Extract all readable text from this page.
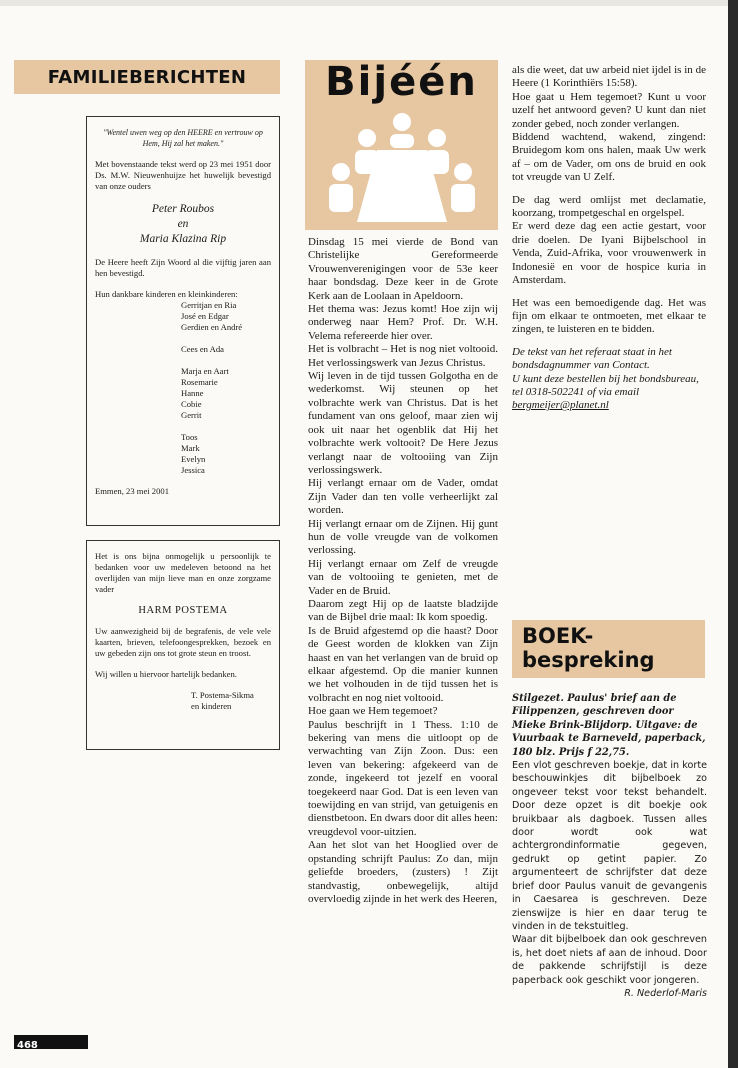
FAMILIEBERICHTEN
"Wentel uwen weg op den HEERE en vertrouw op Hem, Hij zal het maken."
Met bovenstaande tekst werd op 23 mei 1951 door Ds. M.W. Nieuwenhuijze het huwelijk bevestigd van onze ouders
Peter Roubos
en
Maria Klazina Rip
De Heere heeft Zijn Woord al die vijftig jaren aan hen bevestigd.
Hun dankbare kinderen en kleinkinderen:
Gerritjan en Ria
José en Edgar
Gerdien en André
Cees en Ada
Marja en Aart
Rosemarie
Hanne
Cobie
Gerrit
Toos
Mark
Evelyn
Jessica
Emmen, 23 mei 2001
Het is ons bijna onmogelijk u persoonlijk te bedanken voor uw medeleven betoond na het overlijden van mijn lieve man en onze zorgzame vader
HARM POSTEMA
Uw aanwezigheid bij de begrafenis, de vele vele kaarten, brieven, telefoongesprekken, bezoek en uw gebeden zijn ons tot grote steun en troost.
Wij willen u hiervoor hartelijk bedanken.
T. Postema-Sikma
en kinderen
Bijéén
Dinsdag 15 mei vierde de Bond van Christelijke Gereformeerde Vrouwenverenigingen voor de 53e keer haar bondsdag. Deze keer in de Grote Kerk aan de Loolaan in Apeldoorn.
Het thema was: Jezus komt! Hoe zijn wij onderweg naar Hem? Prof. Dr. W.H. Velema refereerde hier over.
Het is volbracht – Het is nog niet voltooid. Het verlossingswerk van Jezus Christus.
Wij leven in de tijd tussen Golgotha en de wederkomst. Wij steunen op het volbrachte werk van Christus. Dat is het fundament van ons geloof, maar zien wij ook uit naar het ogenblik dat Hij het volbrachte werk voltooit? De Here Jezus verlangt naar de voltooiing van Zijn verlossingswerk.
Hij verlangt ernaar om de Vader, omdat Zijn Vader dan ten volle verheerlijkt zal worden.
Hij verlangt ernaar om de Zijnen. Hij gunt hun de volle vreugde van de volkomen verlossing.
Hij verlangt ernaar om Zelf de vreugde van de voltooiing te genieten, met de Vader en de Bruid.
Daarom zegt Hij op de laatste bladzijde van de Bijbel drie maal: Ik kom spoedig.
Is de Bruid afgestemd op die haast? Door de Geest worden de klokken van Zijn haast en van het verlangen van de bruid op elkaar afgestemd. Op die manier kunnen we het volhouden in de tijd tussen het is volbracht en nog niet voltooid.
Hoe gaan we Hem tegemoet?
Paulus beschrijft in 1 Thess. 1:10 de bekering van mens die uitloopt op de verwachting van Zijn Zoon. Dus: een leven van bekering: afgekeerd van de zonde, ingekeerd tot jezelf en vooral toegekeerd naar God. Dat is een leven van toewijding en van strijd, van getuigenis en dienstbetoon. En dwars door dit alles heen: vreugdevol voor-uitzien.
Aan het slot van het Hooglied over de opstanding schrijft Paulus: Zo dan, mijn geliefde broeders, (zusters) ! Zijt standvastig, onbewegelijk, altijd overvloedig zijnde in het werk des Heeren,
als die weet, dat uw arbeid niet ijdel is in de Heere (1 Korinthiërs 15:58).
Hoe gaat u Hem tegemoet? Kunt u voor uzelf het antwoord geven? U kunt dan niet zonder gebed, noch zonder verlangen.
Biddend wachtend, wakend, zingend: Bruidegom kom ons halen, maak Uw werk af – om de Vader, om ons de bruid en ook tot vreugde van U Zelf.
De dag werd omlijst met declamatie, koorzang, trompetgeschal en orgelspel.
Er werd deze dag een actie gestart, voor drie doelen. De Iyani Bijbelschool in Venda, Zuid-Afrika, voor vrouwenwerk in Indonesië en voor de hospice kuria in Amsterdam.
Het was een bemoedigende dag. Het was fijn om elkaar te ontmoeten, met elkaar te zingen, te luisteren en te bidden.
De tekst van het referaat staat in het bondsdagnummer van Contact.
U kunt deze bestellen bij het bondsbureau, tel 0318-502241 of via email
bergmeijer@planet.nl
BOEK-
bespreking
Stilgezet. Paulus' brief aan de Filippenzen, geschreven door Mieke Brink-Blijdorp. Uitgave: de Vuurbaak te Barneveld, paperback, 180 blz. Prijs f 22,75.
Een vlot geschreven boekje, dat in korte beschouwinkjes dit bijbelboek zo ongeveer tekst voor tekst behandelt. Door deze opzet is dit boekje ook bruikbaar als dagboek. Tussen alles door wordt ook wat achtergrondinformatie gegeven, gedrukt op getint papier. Zo argumenteert de schrijfster dat deze brief door Paulus vanuit de gevangenis in Caesarea is geschreven. Deze zienswijze is hier en daar terug te vinden in de tekstuitleg.
Waar dit bijbelboek dan ook geschreven is, het doet niets af aan de inhoud. Door de pakkende schrijfstijl is deze paperback ook geschikt voor jongeren.
R. Nederlof-Maris
468
